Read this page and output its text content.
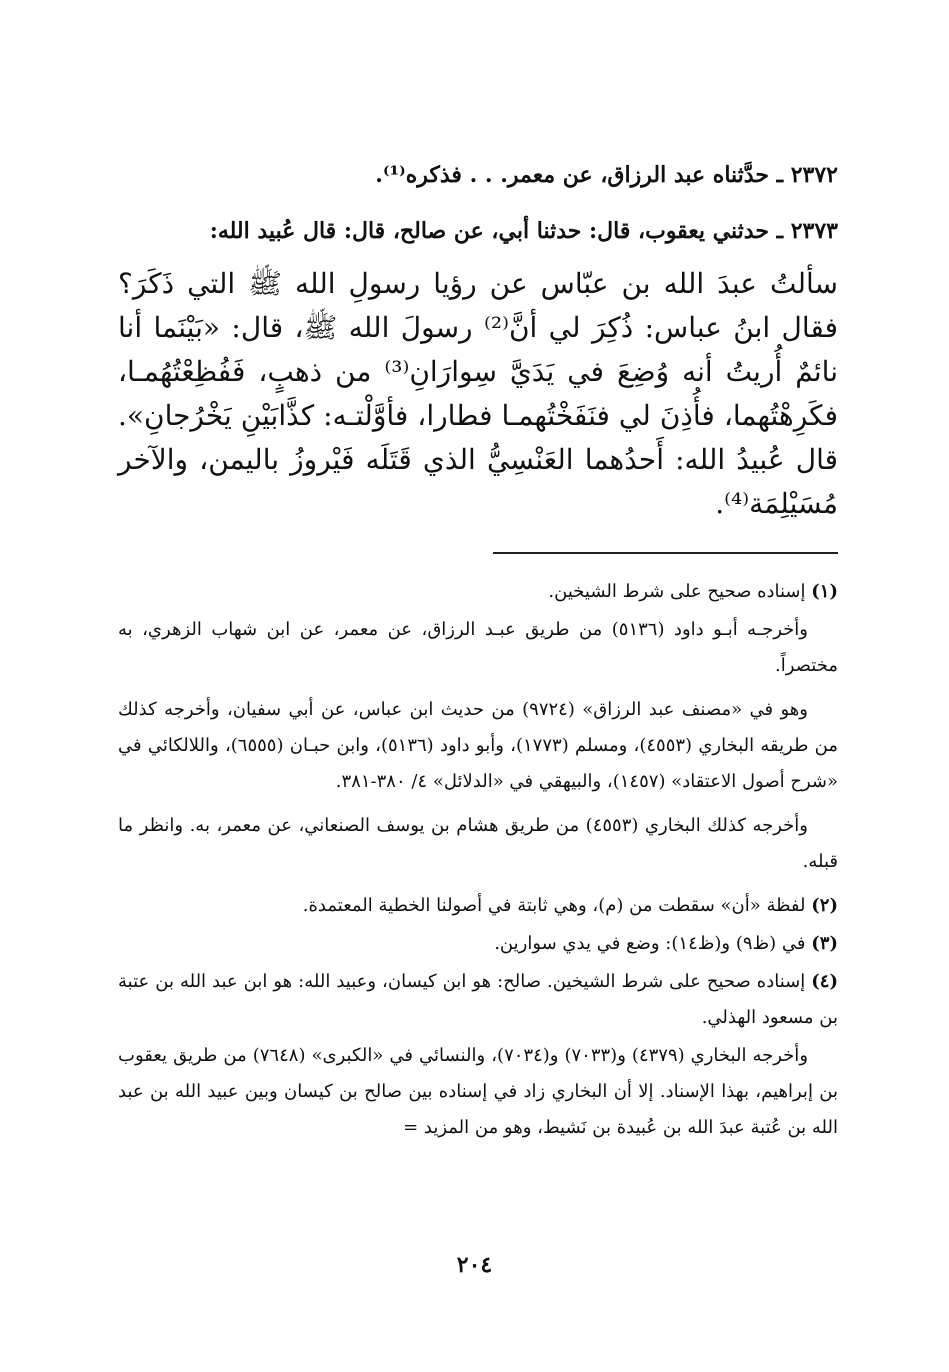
٢٣٧٢ ـ حدَّثناه عبد الرزاق، عن معمر. . . فذكره⁽¹⁾.

٢٣٧٣ ـ حدثني يعقوب، قال: حدثنا أبي، عن صالح، قال: قال عُبيد الله:

سألتُ عبدَ الله بن عبّاس عن رؤيا رسولِ الله ﷺ التي ذَكَرَ؟ فقال ابنُ عباس: ذُكِرَ لي أنَّ⁽²⁾ رسولَ الله ﷺ، قال: «بَيْنَما أنا نائمٌ أُريتُ أنه وُضِعَ في يَدَيَّ سِوارَانِ⁽³⁾ من ذهبٍ، فَفُظِعْتُهُمـا، فكَرِهْتُهما، فأُذِنَ لي فنَفَخْتُهمـا فطارا، فأوَّلْتـه: كذَّابَيْنِ يَخْرُجانِ». قال عُبيدُ الله: أَحدُهما العَنْسِيُّ الذي قَتَلَه فَيْروزُ باليمن، والآخر مُسَيْلِمَة⁽⁴⁾.

(١) إسناده صحيح على شرط الشيخين.

وأخرجـه أبـو داود (٥١٣٦) من طريق عبـد الرزاق، عن معمر، عن ابن شهاب الزهري، به مختصراً.

وهو في «مصنف عبد الرزاق» (٩٧٢٤) من حديث ابن عباس، عن أبي سفيان، وأخرجه كذلك من طريقه البخاري (٤٥٥٣)، ومسلم (١٧٧٣)، وأبو داود (٥١٣٦)، وابن حبـان (٦٥٥٥)، واللالكائي في «شرح أصول الاعتقاد» (١٤٥٧)، والبيهقي في «الدلائل» ٤/ ٣٨٠-٣٨١.

وأخرجه كذلك البخاري (٤٥٥٣) من طريق هشام بن يوسف الصنعاني، عن معمر، به. وانظر ما قبله.

(٢) لفظة «أن» سقطت من (م)، وهي ثابتة في أصولنا الخطية المعتمدة.

(٣) في (ظ٩) و(ظ١٤): وضع في يدي سوارين.

(٤) إسناده صحيح على شرط الشيخين. صالح: هو ابن كيسان، وعبيد الله: هو ابن عبد الله بن عتبة بن مسعود الهذلي.

وأخرجه البخاري (٤٣٧٩) و(٧٠٣٣) و(٧٠٣٤)، والنسائي في «الكبرى» (٧٦٤٨) من طريق يعقوب بن إبراهيم، بهذا الإسناد. إلا أن البخاري زاد في إسناده بين صالح بن كيسان وبين عبيد الله بن عبد الله بن عُتبة عبدَ الله بن عُبيدة بن نَشيط، وهو من المزيد =

٢٠٤
